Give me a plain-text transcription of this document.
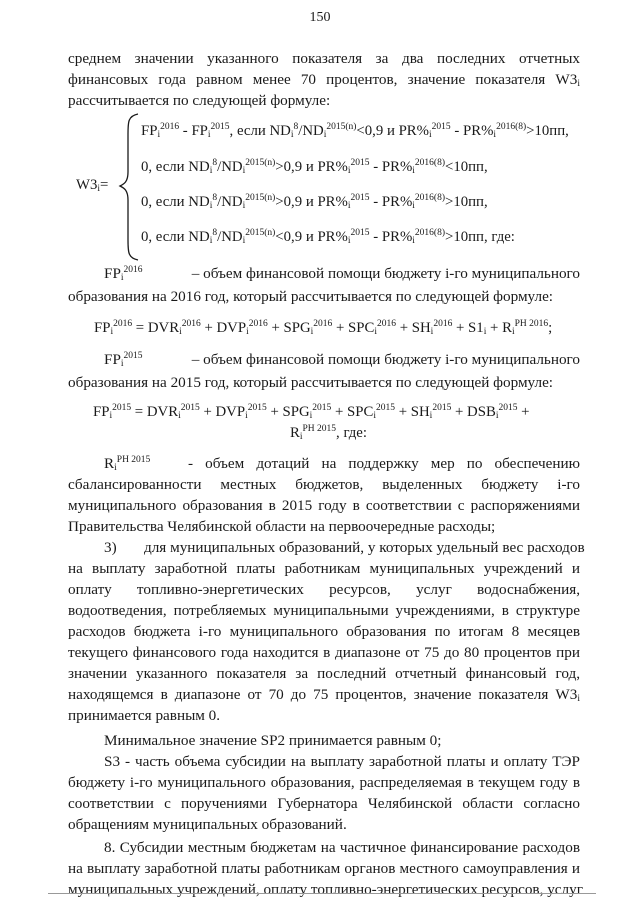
150
среднем значении указанного показателя за два последних отчетных
финансовых года равном менее 70 процентов, значение показателя $W3_i$
рассчитывается по следующей формуле:
$W3_i=$
$FP_i^{2016} - FP_i^{2015}$, если $ND_i^8/ND_i^{2015(n)}<0,9$ и $PR\%_i^{2015} - PR\%_i^{2016(8)}>10пп$,
0, если $ND_i^8/ND_i^{2015(n)}>0,9$ и $PR\%_i^{2015} - PR\%_i^{2016(8)}<10пп$,
0, если $ND_i^8/ND_i^{2015(n)}>0,9$ и $PR\%_i^{2015} - PR\%_i^{2016(8)}>10пп$,
0, если $ND_i^8/ND_i^{2015(n)}<0,9$ и $PR\%_i^{2015} - PR\%_i^{2016(8)}>10пп$, где:
$FP_i^{2016}$	– объем финансовой помощи бюджету i-го муниципального
образования на 2016 год, который рассчитывается по следующей формуле:
$FP_i^{2016} = DVR_i^{2016} + DVP_i^{2016} + SPG_i^{2016} + SPC_i^{2016} + SH_i^{2016} + S1_i + R_i^{PH 2016}$;
$FP_i^{2015}$	– объем финансовой помощи бюджету i-го муниципального
образования на 2015 год, который рассчитывается по следующей формуле:
$FP_i^{2015} = DVR_i^{2015} + DVP_i^{2015} + SPG_i^{2015} + SPC_i^{2015} + SH_i^{2015} + DSB_i^{2015}$ +
$R_i^{PH 2015}$, где:
$R_i^{PH 2015}$ - объем дотаций на поддержку мер по обеспечению
сбалансированности местных бюджетов, выделенных бюджету i-го
муниципального образования в 2015 году в соответствии с распоряжениями
Правительства Челябинской области на первоочередные расходы;
3) для муниципальных образований, у которых удельный вес расходов
на выплату заработной платы работникам муниципальных учреждений и
оплату топливно-энергетических ресурсов, услуг водоснабжения,
водоотведения, потребляемых муниципальными учреждениями, в структуре
расходов бюджета i-го муниципального образования по итогам 8 месяцев
текущего финансового года находится в диапазоне от 75 до 80 процентов при
значении указанного показателя за последний отчетный финансовый год,
находящемся в диапазоне от 70 до 75 процентов, значение показателя $W3_i$
принимается равным 0.
Минимальное значение SP2 принимается равным 0;
S3 - часть объема субсидии на выплату заработной платы и оплату ТЭР
бюджету i-го муниципального образования, распределяемая в текущем году в
соответствии с поручениями Губернатора Челябинской области согласно
обращениям муниципальных образований.
8. Субсидии местным бюджетам на частичное финансирование расходов
на выплату заработной платы работникам органов местного самоуправления и
муниципальных учреждений, оплату топливно-энергетических ресурсов, услуг
